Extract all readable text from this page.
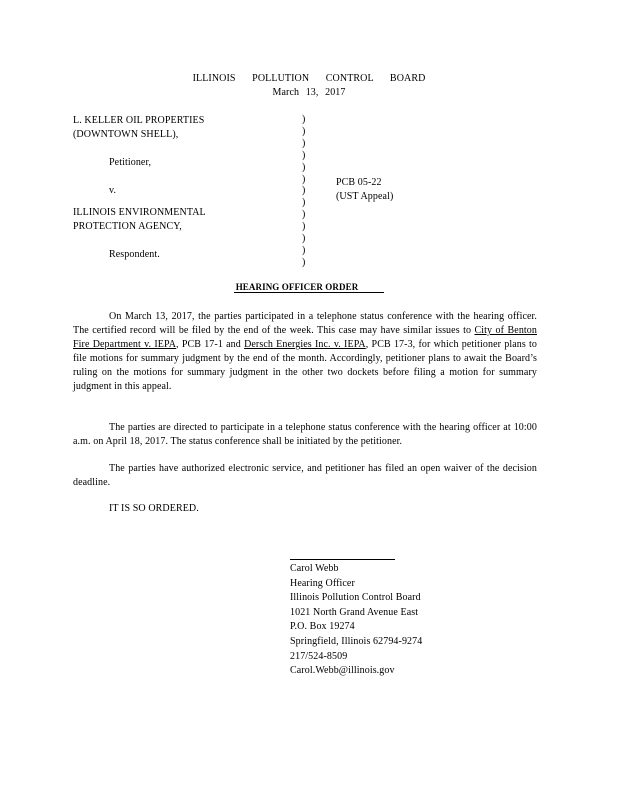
ILLINOIS POLLUTION CONTROL BOARD
March 13, 2017
L. KELLER OIL PROPERTIES
(DOWNTOWN SHELL),
Petitioner,
v.
ILLINOIS ENVIRONMENTAL
PROTECTION AGENCY,
Respondent.
)
)
)
)
)
)
)
)
)
)
)
)
)
PCB 05-22
(UST Appeal)
HEARING OFFICER ORDER
On March 13, 2017, the parties participated in a telephone status conference with the hearing officer. The certified record will be filed by the end of the week. This case may have similar issues to City of Benton Fire Department v. IEPA, PCB 17-1 and Dersch Energies Inc. v. IEPA, PCB 17-3, for which petitioner plans to file motions for summary judgment by the end of the month. Accordingly, petitioner plans to await the Board’s ruling on the motions for summary judgment in the other two dockets before filing a motion for summary judgment in this appeal.
The parties are directed to participate in a telephone status conference with the hearing officer at 10:00 a.m. on April 18, 2017. The status conference shall be initiated by the petitioner.
The parties have authorized electronic service, and petitioner has filed an open waiver of the decision deadline.
IT IS SO ORDERED.
Carol Webb
Hearing Officer
Illinois Pollution Control Board
1021 North Grand Avenue East
P.O. Box 19274
Springfield, Illinois 62794-9274
217/524-8509
Carol.Webb@illinois.gov
